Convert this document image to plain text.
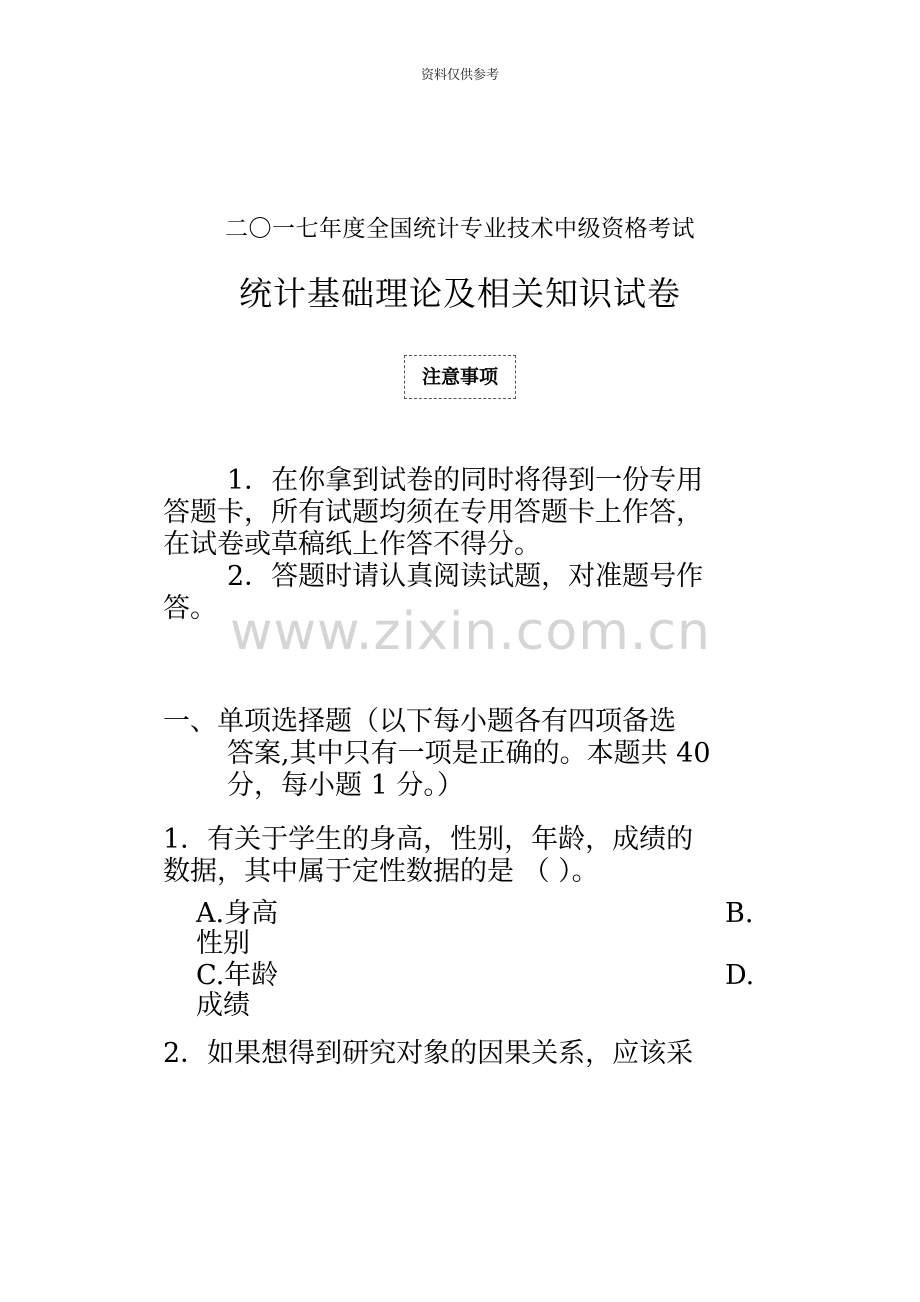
资料仅供参考
二〇一七年度全国统计专业技术中级资格考试
统计基础理论及相关知识试卷
注意事项
1．在你拿到试卷的同时将得到一份专用
答题卡，所有试题均须在专用答题卡上作答，
在试卷或草稿纸上作答不得分。
2．答题时请认真阅读试题，对准题号作
答。 www.zixin.com.cn
一、单项选择题（以下每小题各有四项备选
答案,其中只有一项是正确的。本题共 40
分，每小题 1 分。）
1．有关于学生的身高，性别，年龄，成绩的
数据，其中属于定性数据的是 （ ）。
A.身高	B.
性别
C.年龄	D.
成绩
2．如果想得到研究对象的因果关系，应该采
